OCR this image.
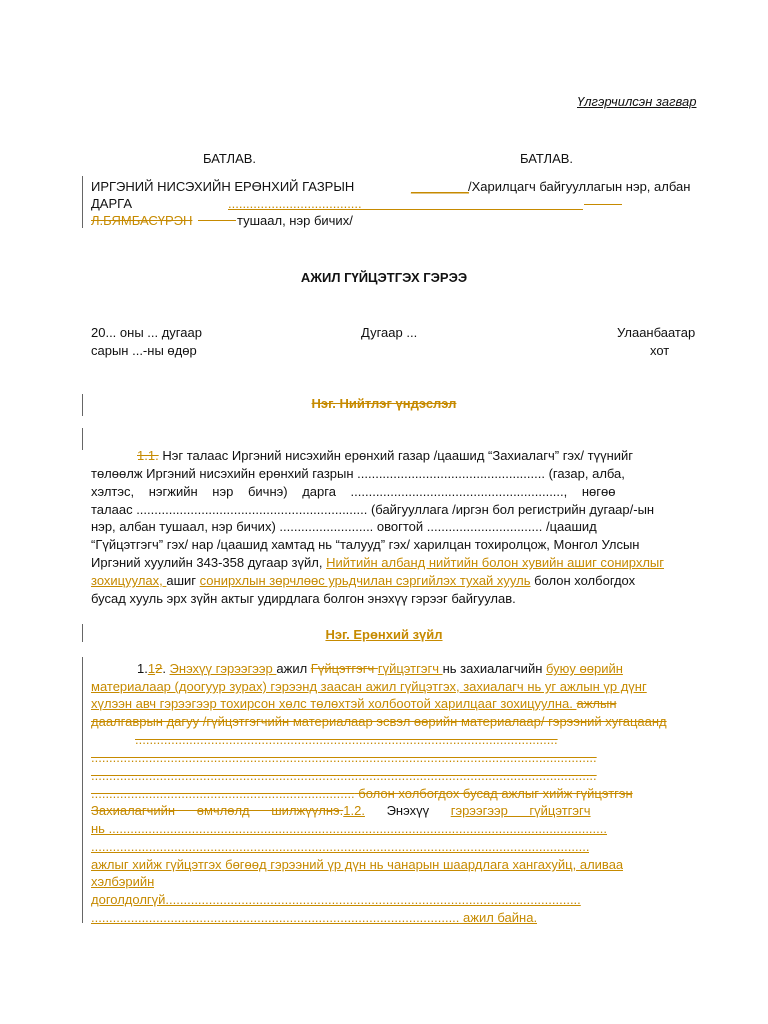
Үлгэрчилсэн загвар
БАТЛАВ.	БАТЛАВ.
ИРГЭНИЙ НИСЭХИЙН ЕРӨНХИЙ ГАЗРЫН
ДАРГА
Л.БЯМБАСҮРЭН
________ /Харилцагч байгууллагын нэр, албан
.....................................
тушаал, нэр бичих/
АЖИЛ ГҮЙЦЭТГЭХ ГЭРЭЭ
20... оны ... дугаар
сарын ...-ны өдөр
Дугаар ...	Улаанбаатар
хот
Нэг. Нийтлэг үндэслэл
1.1. Нэг талаас Иргэний нисэхийн ерөнхий газар /цаашид “Захиалагч” гэх/ түүнийг
төлөөлж Иргэний нисэхийн ерөнхий газрын .................................................... (газар, алба,
хэлтэс, нэгжийн нэр бичнэ) дарга ..........................................................., нөгөө
талаас ................................................................ (байгууллага /иргэн бол регистрийн дугаар/-ын
нэр, албан тушаал, нэр бичих) .......................... овогтой ................................ /цаашид
“Гүйцэтгэгч” гэх/ нар /цаашид хамтад нь “талууд” гэх/ харилцан тохиролцож, Монгол Улсын
Иргэний хуулийн 343-358 дугаар зүйл, Нийтийн албанд нийтийн болон хувийн ашиг сонирхлыг
зохицуулах, ашиг сонирхлын зөрчлөөс урьдчилан сэргийлэх тухай хууль болон холбогдох
бусад хууль эрх зүйн актыг удирдлага болгон энэхүү гэрээг байгуулав.
Нэг. Ерөнхий зүйл
1.12. Энэхүү гэрээгээр ажил Гүйцэтгэгч гүйцэтгэгч нь захиалагчийн буюу өөрийн
материалаар (доогуур зурах) гэрээнд заасан ажил гүйцэтгэх, захиалагч нь уг ажлын үр дүнг
хүлээн авч гэрээгээр тохирсон хөлс төлөхтэй холбоотой харилцааг зохицуулна. ажлын
даалгаврын дагуу /гүйцэтгэгчийн материалаар эсвэл өөрийн материалаар/ гэрээний хугацаанд
.....................................................................................................................
............................................................................................................................................
............................................................................................................................................
......................................................................... болон холбогдох бусад ажлыг хийж гүйцэтгэн
Захиалагчийн өмчлөлд шилжүүлнэ.1.2. Энэхүү гэрээгээр гүйцэтгэгч
нь ..........................................................................................................................................
..........................................................................................................................................
ажлыг хийж гүйцэтгэх бөгөөд гэрээний үр дүн нь чанарын шаардлага хангахуйц, аливаа
хэлбэрийн
доголдолгүй...................................................................................................................
...................................................................................................... ажил байна.
